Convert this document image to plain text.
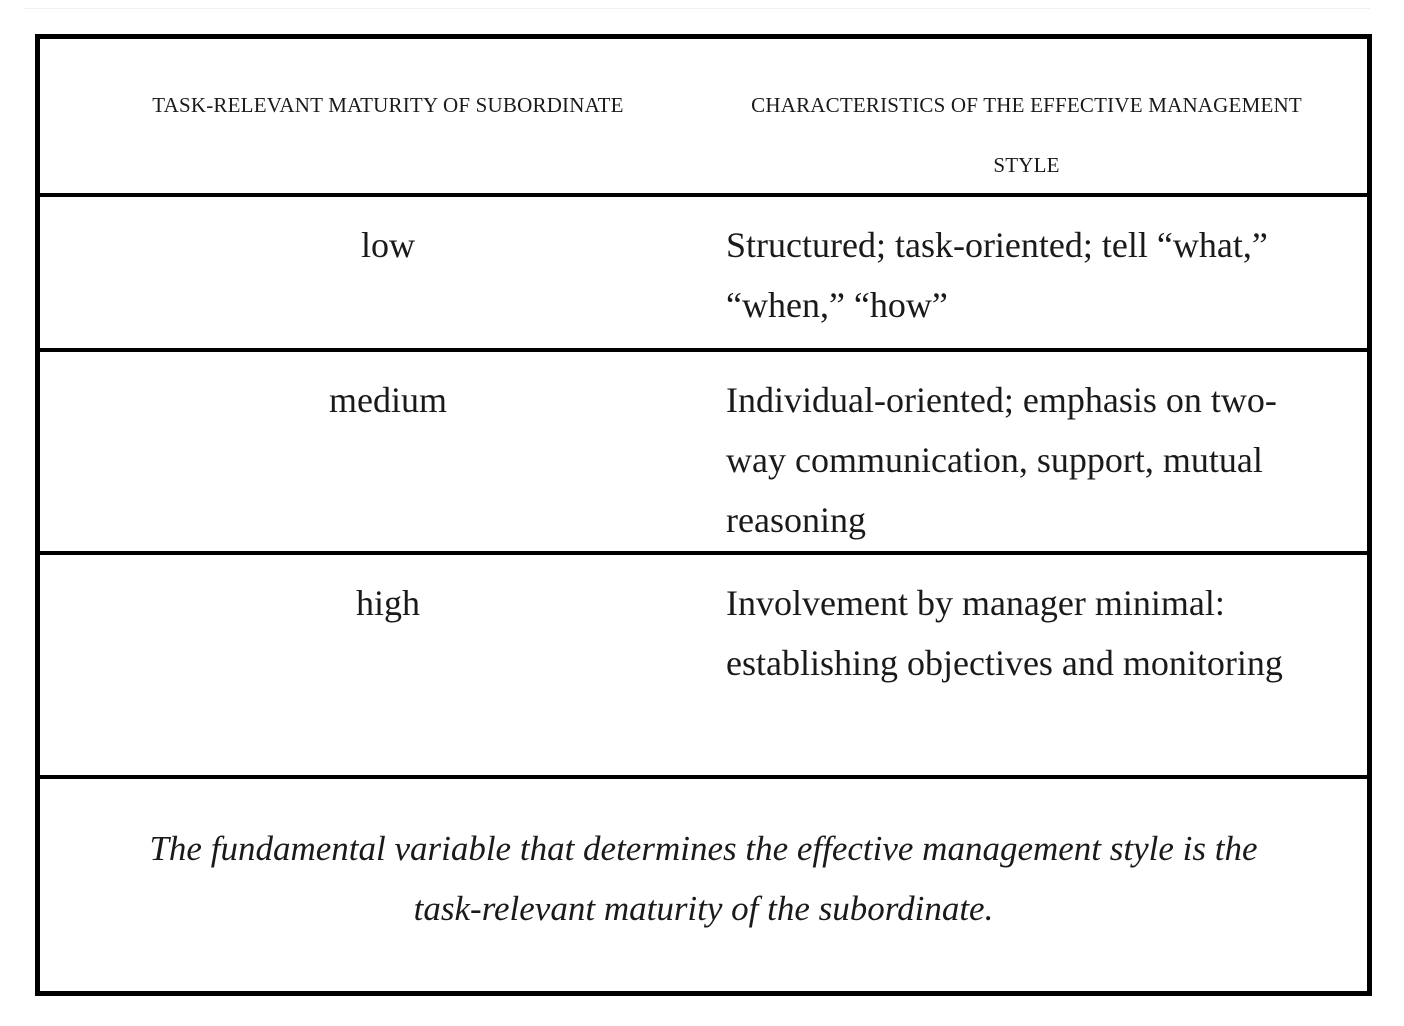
TASK-RELEVANT MATURITY OF SUBORDINATE	CHARACTERISTICS OF THE EFFECTIVE MANAGEMENT STYLE
low	Structured; task-oriented; tell “what,” “when,” “how”
medium	Individual-oriented; emphasis on two-way communication, support, mutual reasoning
high	Involvement by manager minimal: establishing objectives and monitoring
The fundamental variable that determines the effective management style is the task-relevant maturity of the subordinate.
